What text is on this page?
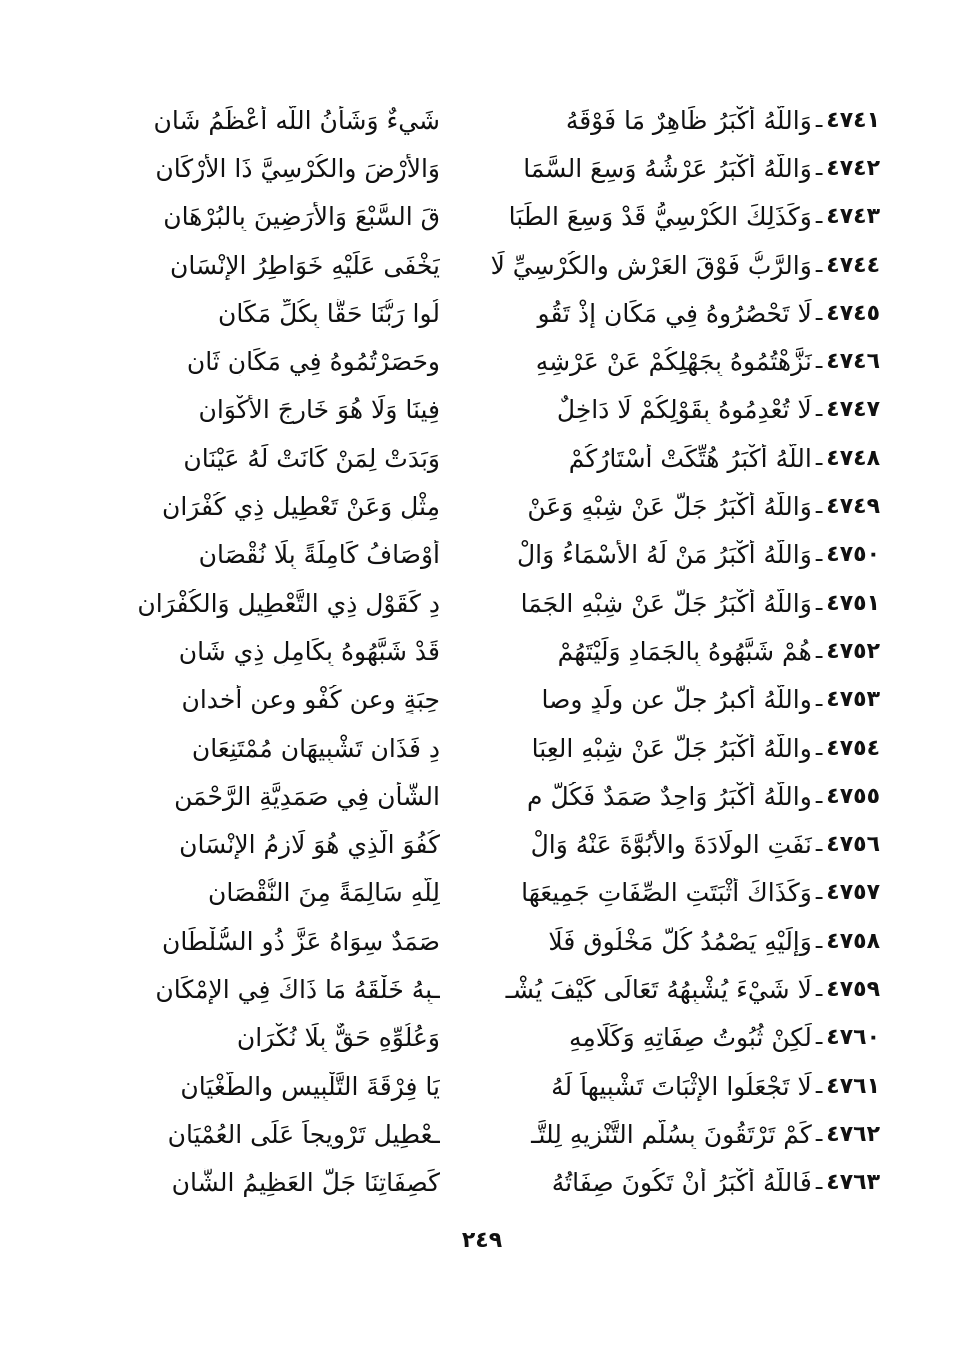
٤٧٤١
ـ
وَاللَّهُ أَكْبَرُ ظَاهِرٌ مَا فَوْقَهُ
شَيءٌ وَشَأْنُ اللَّه أَعْظَمُ شَانِ
٤٧٤٢
ـ
وَاللَّهُ أَكْبَرُ عَرْشُهُ وَسِعَ السَّمَا
وَالأَرْضَ والكُرْسِيَّ ذَا الأَرْكَانِ
٤٧٤٣
ـ
وَكَذَلِكَ الكُرْسِيُّ قَدْ وَسِعَ الطِّبَا
قَ السَّبْعَ وَالأَرَضِينَ بِالبُرْهَانِ
٤٧٤٤
ـ
وَالرَّبُّ فَوْقَ العَرْشِ والكُرْسِيِّ لَا
يَخْفَى عَلَيْهِ خَوَاطِرُ الإِنْسَانِ
٤٧٤٥
ـ
لَا تَحْصُرُوهُ فِي مَكَانٍ إِذْ تَقُو
لُوا رَبُّنَا حَقًّا بِكُلِّ مَكَانِ
٤٧٤٦
ـ
نَزَّهْتُمُوهُ بِجَهْلِكُمْ عَنْ عَرْشِهِ
وحَصَرْتُمُوهُ فِي مَكَانٍ ثَانِ
٤٧٤٧
ـ
لَا تُعْدِمُوهُ بِقَوْلِكُمْ لَا دَاخِلٌ
فِينَا وَلَا هُوَ خَارِجَ الأَكْوَانِ
٤٧٤٨
ـ
اللَّهُ أَكْبَرُ هُتِّكَتْ أَسْتَارُكُمْ
وَبَدَتْ لِمَنْ كَانَتْ لَهُ عَيْنَانِ
٤٧٤٩
ـ
وَاللَّهُ أَكْبَرُ جَلَّ عَنْ شِبْهٍ وَعَنْ
مِثْلٍ وَعَنْ تَعْطِيلِ ذِي كُفْرَانِ
٤٧٥٠
ـ
وَاللَّهُ أَكْبَرُ مَنْ لَهُ الأَسْمَاءُ وَالْ
أَوْصَافُ كَامِلَةً بِلَا نُقْصَانِ
٤٧٥١
ـ
وَاللَّهُ أَكْبَرُ جَلَّ عَنْ شِبْهِ الجَمَا
دِ كَقَوْلِ ذِي التَّعْطِيلِ وَالكُفْرَانِ
٤٧٥٢
ـ
هُمْ شَبَّهُوهُ بِالجَمَادِ وَلَيْتَهُمْ
قَدْ شَبَّهُوهُ بِكَامِلٍ ذِي شَانِ
٤٧٥٣
ـ
واللَّهُ أكبرُ جلَّ عن ولَدٍ وصا
حِبَةٍ وعن كُفْوٍ وعن أخدانِ
٤٧٥٤
ـ
واللَّهُ أَكْبَرُ جَلَّ عَنْ شِبْهِ العِبَا
دِ فَذَانِ تَشْبِيهَانِ مُمْتَنِعَانِ
٤٧٥٥
ـ
واللَّهُ أَكْبَرُ وَاحِدٌ صَمَدٌ فَكُلُّ م
الشَّأنِ فِي صَمَدِيَّةِ الرَّحْمَنِ
٤٧٥٦
ـ
نَفَتِ الوِلَادَةَ والأُبُوَّةَ عَنْهُ وَالْ
كُفُوَ الَّذِي هُوَ لَازِمُ الإِنْسَانِ
٤٧٥٧
ـ
وَكَذَاكَ أَثْبَتَتِ الصِّفَاتِ جَمِيعَهَا
لِلَّهِ سَالِمَةً مِنَ النُّقْصَانِ
٤٧٥٨
ـ
وَإِلَيْهِ يَصْمُدُ كُلُّ مَخْلُوقٍ فَلَا
صَمَدٌ سِوَاهُ عَزَّ ذُو السُّلْطَانِ
٤٧٥٩
ـ
لَا شَيْءَ يُشْبِهُهُ تَعَالَى كَيْفَ يُشْـ
ـبِهُ خَلْقَهُ مَا ذَاكَ فِي الإِمْكَانِ
٤٧٦٠
ـ
لَكِنْ ثُبُوتُ صِفَاتِهِ وَكَلَامِهِ
وَعُلُوِّهِ حَقٌّ بِلَا نُكْرَانِ
٤٧٦١
ـ
لَا تَجْعَلُوا الإِثْبَاتَ تَشْبِيهاً لَهُ
يَا فِرْقَةَ التَّلْبِيسِ والطُّغْيَانِ
٤٧٦٢
ـ
كَمْ تَرْتَقُونَ بِسُلَّمِ التَّنْزِيهِ لِلتَّـ
ـعْطِيلِ تَرْوِيجاً عَلَى العُمْيَانِ
٤٧٦٣
ـ
فَاللَّهُ أَكْبَرُ أَنْ تَكُونَ صِفَاتُهُ
كَصِفَاتِنَا جَلَّ العَظِيمُ الشَّانِ
٢٤٩
